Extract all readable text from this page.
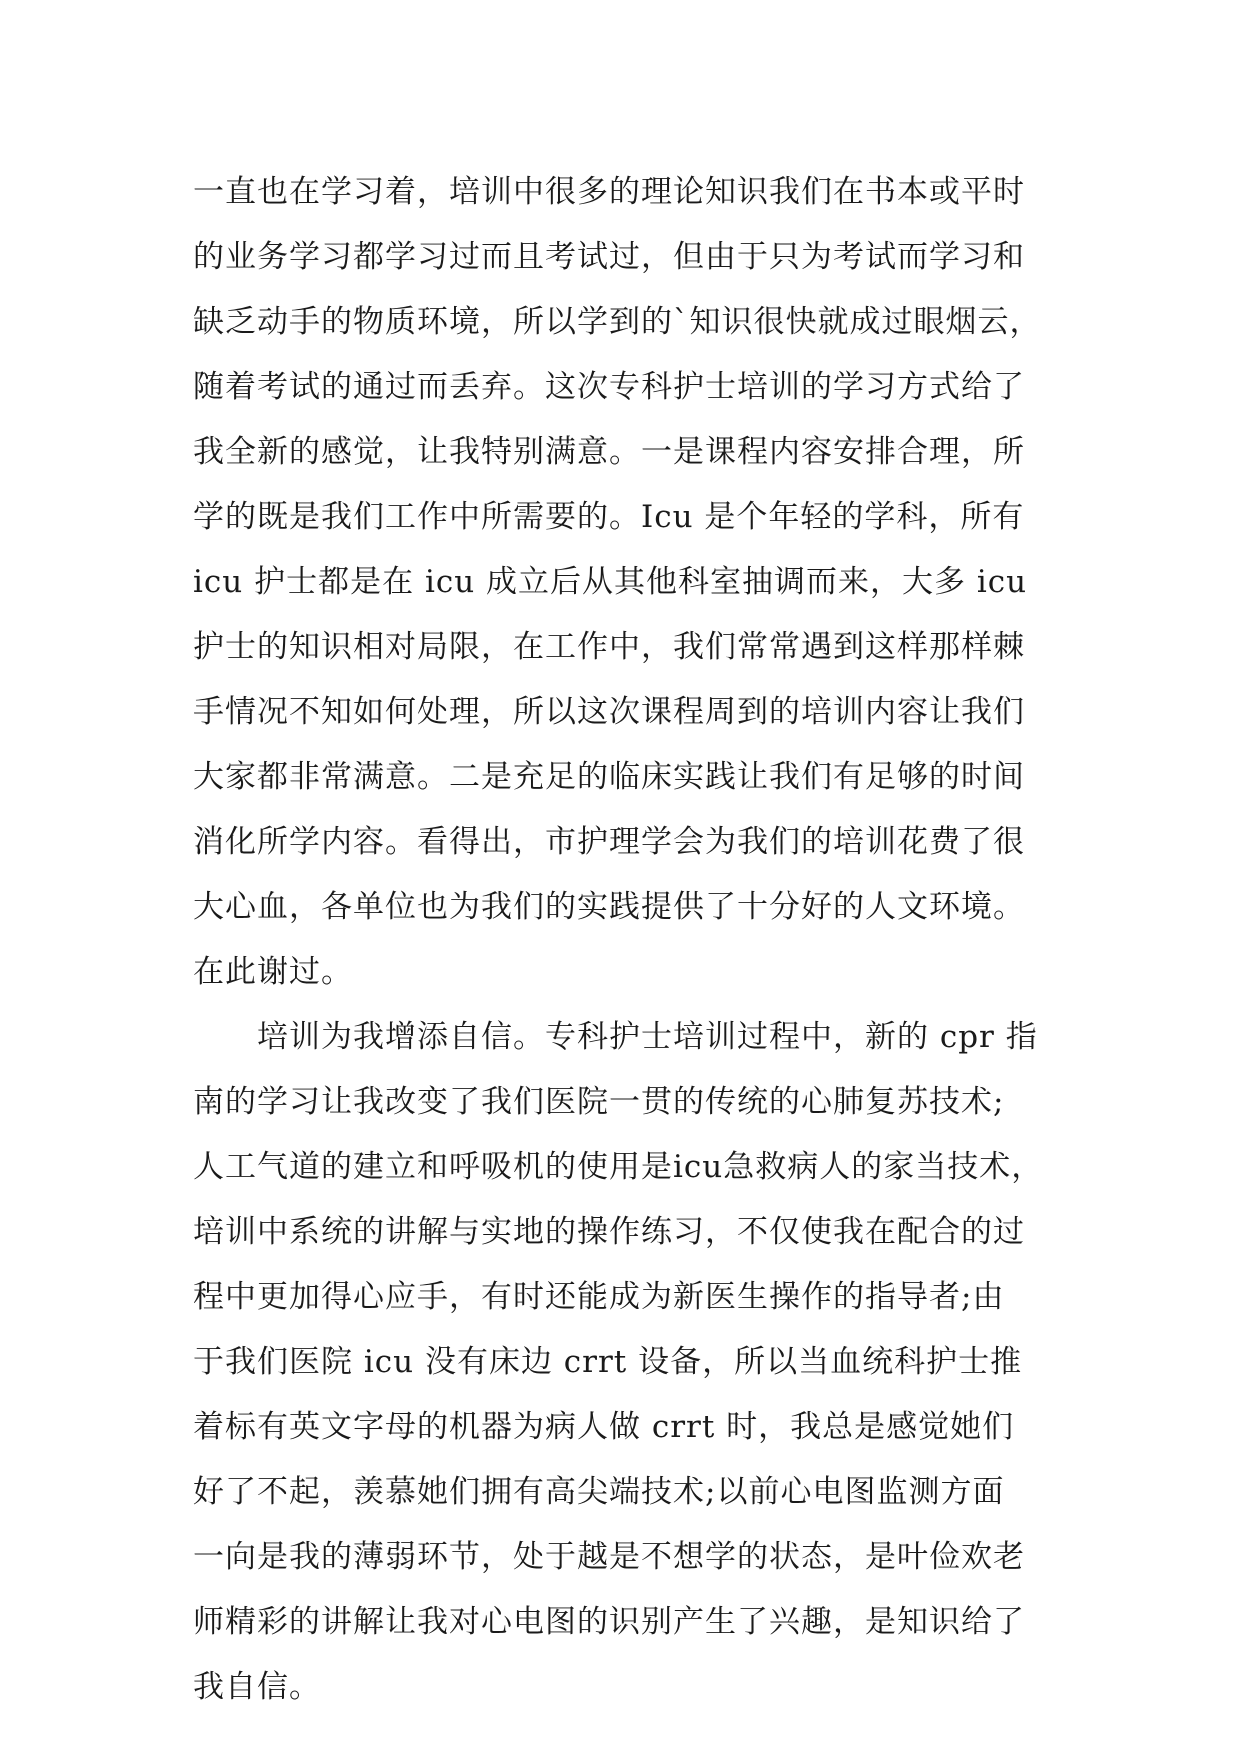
一直也在学习着，培训中很多的理论知识我们在书本或平时
的业务学习都学习过而且考试过，但由于只为考试而学习和
缺乏动手的物质环境，所以学到的`知识很快就成过眼烟云，
随着考试的通过而丢弃。这次专科护士培训的学习方式给了
我全新的感觉，让我特别满意。一是课程内容安排合理，所
学的既是我们工作中所需要的。Icu 是个年轻的学科，所有
icu 护士都是在 icu 成立后从其他科室抽调而来，大多 icu
护士的知识相对局限，在工作中，我们常常遇到这样那样棘
手情况不知如何处理，所以这次课程周到的培训内容让我们
大家都非常满意。二是充足的临床实践让我们有足够的时间
消化所学内容。看得出，市护理学会为我们的培训花费了很
大心血，各单位也为我们的实践提供了十分好的人文环境。
在此谢过。
培训为我增添自信。专科护士培训过程中，新的 cpr 指
南的学习让我改变了我们医院一贯的传统的心肺复苏技术;
人工气道的建立和呼吸机的使用是icu急救病人的家当技术，
培训中系统的讲解与实地的操作练习，不仅使我在配合的过
程中更加得心应手，有时还能成为新医生操作的指导者;由
于我们医院 icu 没有床边 crrt 设备，所以当血统科护士推
着标有英文字母的机器为病人做 crrt 时，我总是感觉她们
好了不起，羡慕她们拥有高尖端技术;以前心电图监测方面
一向是我的薄弱环节，处于越是不想学的状态，是叶俭欢老
师精彩的讲解让我对心电图的识别产生了兴趣，是知识给了
我自信。
